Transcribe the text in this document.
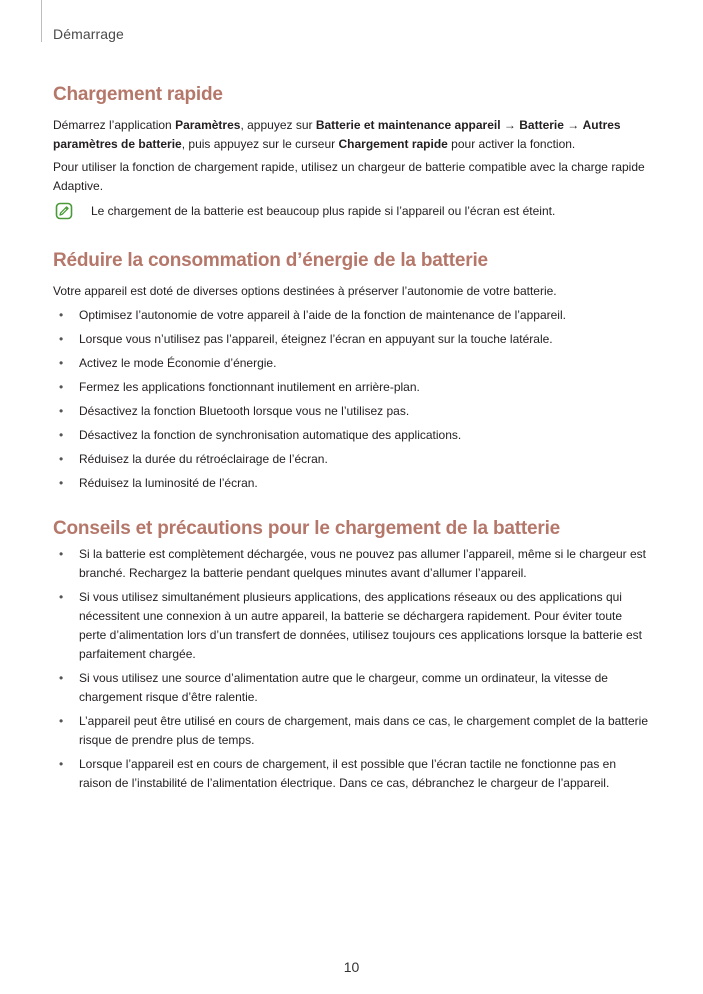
Démarrage
Chargement rapide

Démarrez l’application Paramètres, appuyez sur Batterie et maintenance appareil → Batterie → Autres paramètres de batterie, puis appuyez sur le curseur Chargement rapide pour activer la fonction.

Pour utiliser la fonction de chargement rapide, utilisez un chargeur de batterie compatible avec la charge rapide Adaptive.

Le chargement de la batterie est beaucoup plus rapide si l’appareil ou l’écran est éteint.
Réduire la consommation d’énergie de la batterie

Votre appareil est doté de diverses options destinées à préserver l’autonomie de votre batterie.

• Optimisez l’autonomie de votre appareil à l’aide de la fonction de maintenance de l’appareil.
• Lorsque vous n’utilisez pas l’appareil, éteignez l’écran en appuyant sur la touche latérale.
• Activez le mode Économie d’énergie.
• Fermez les applications fonctionnant inutilement en arrière-plan.
• Désactivez la fonction Bluetooth lorsque vous ne l’utilisez pas.
• Désactivez la fonction de synchronisation automatique des applications.
• Réduisez la durée du rétroéclairage de l’écran.
• Réduisez la luminosité de l’écran.
Conseils et précautions pour le chargement de la batterie
• Si la batterie est complètement déchargée, vous ne pouvez pas allumer l’appareil, même si le chargeur est branché. Rechargez la batterie pendant quelques minutes avant d’allumer l’appareil.
• Si vous utilisez simultanément plusieurs applications, des applications réseaux ou des applications qui nécessitent une connexion à un autre appareil, la batterie se déchargera rapidement. Pour éviter toute perte d’alimentation lors d’un transfert de données, utilisez toujours ces applications lorsque la batterie est parfaitement chargée.
• Si vous utilisez une source d’alimentation autre que le chargeur, comme un ordinateur, la vitesse de chargement risque d’être ralentie.
• L’appareil peut être utilisé en cours de chargement, mais dans ce cas, le chargement complet de la batterie risque de prendre plus de temps.
• Lorsque l’appareil est en cours de chargement, il est possible que l’écran tactile ne fonctionne pas en raison de l’instabilité de l’alimentation électrique. Dans ce cas, débranchez le chargeur de l’appareil.
10
